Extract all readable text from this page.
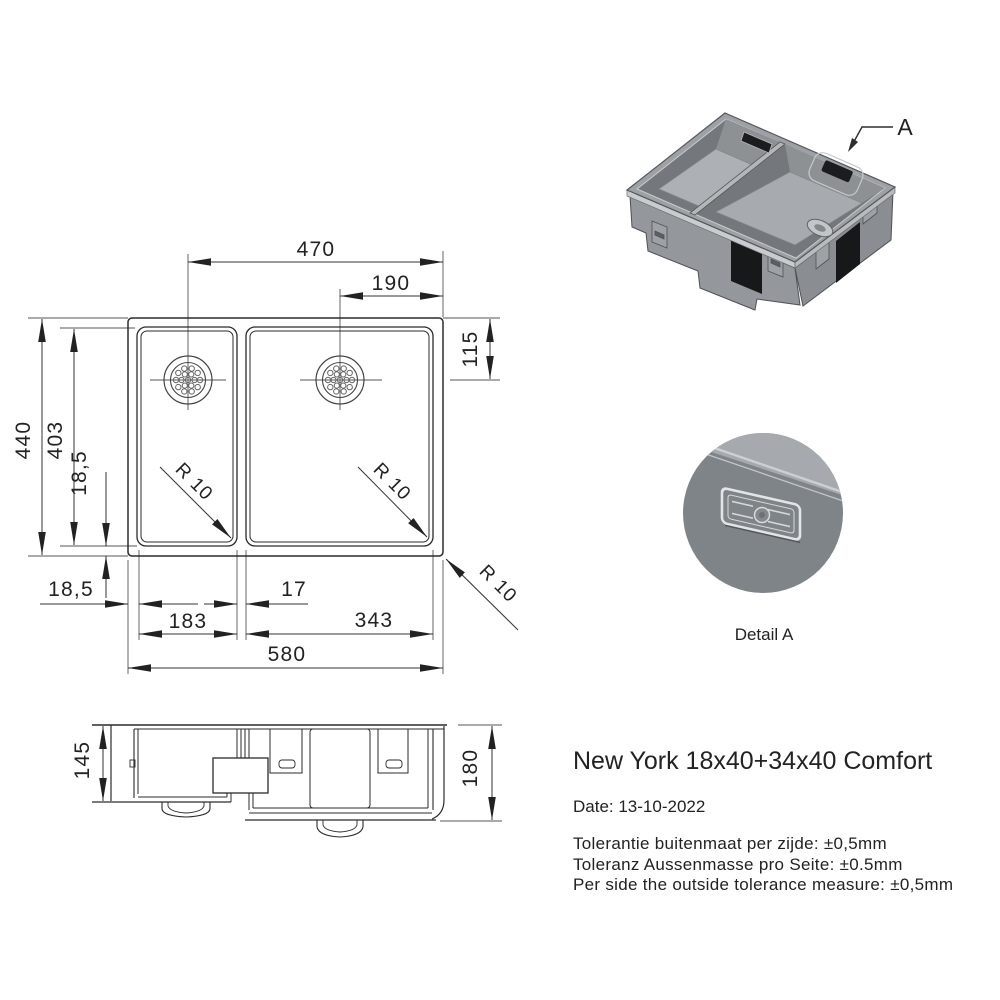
470
190
115
440 403
18,5
18,5	17
183	343
580
R 10	R 10
R 10
145	180
A
Detail A
New York 18x40+34x40 Comfort
Date: 13-10-2022
Tolerantie buitenmaat per zijde: ±0,5mm
Toleranz Aussenmasse pro Seite: ±0.5mm
Per side the outside tolerance measure: ±0,5mm
